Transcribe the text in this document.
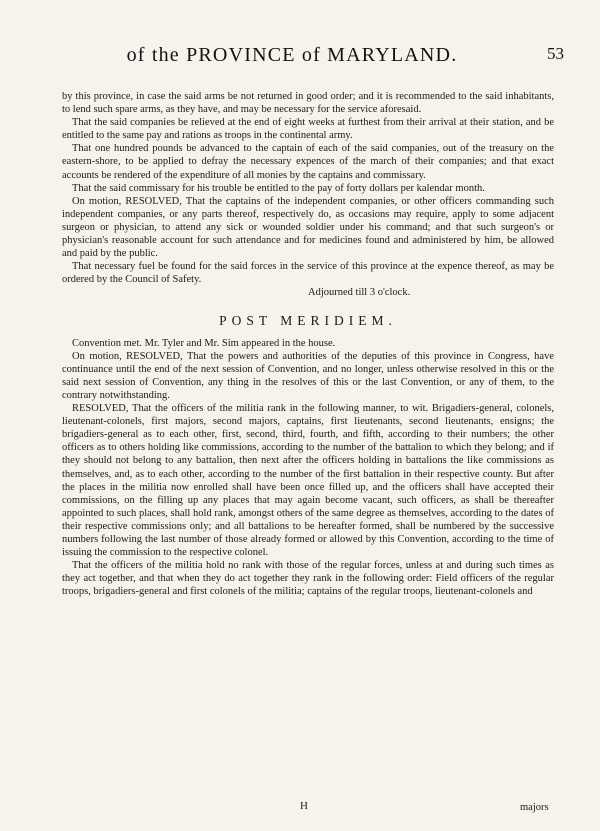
of the PROVINCE of MARYLAND.	53

by this province, in case the said arms be not returned in good order; and it is recommended to the said inhabitants, to lend such spare arms, as they have, and may be necessary for the service aforesaid.

That the said companies be relieved at the end of eight weeks at furthest from their arrival at their station, and be entitled to the same pay and rations as troops in the continental army.

That one hundred pounds be advanced to the captain of each of the said companies, out of the treasury on the eastern-shore, to be applied to defray the necessary expences of the march of their companies; and that exact accounts be rendered of the expenditure of all monies by the captains and commissary.

That the said commissary for his trouble be entitled to the pay of forty dollars per kalendar month.

On motion, RESOLVED, That the captains of the independent companies, or other officers commanding such independent companies, or any parts thereof, respectively do, as occasions may require, apply to some adjacent surgeon or physician, to attend any sick or wounded soldier under his command; and that such surgeon's or physician's reasonable account for such attendance and for medicines found and administered by him, be allowed and paid by the public.

That necessary fuel be found for the said forces in the service of this province at the expence thereof, as may be ordered by the Council of Safety.

Adjourned till 3 o'clock.

POST MERIDIEM.

Convention met. Mr. Tyler and Mr. Sim appeared in the house.

On motion, RESOLVED, That the powers and authorities of the deputies of this province in Congress, have continuance until the end of the next session of Convention, and no longer, unless otherwise resolved in this or the said next session of Convention, any thing in the resolves of this or the last Convention, or any of them, to the contrary notwithstanding.

RESOLVED, That the officers of the militia rank in the following manner, to wit. Brigadiers-general, colonels, lieutenant-colonels, first majors, second majors, captains, first lieutenants, second lieutenants, ensigns; the brigadiers-general as to each other, first, second, third, fourth, and fifth, according to their numbers; the other officers as to others holding like commissions, according to the number of the battalion to which they belong; and if they should not belong to any battalion, then next after the officers holding in battalions the like commissions as themselves, and, as to each other, according to the number of the first battalion in their respective county. But after the places in the militia now enrolled shall have been once filled up, and the officers shall have accepted their commissions, on the filling up any places that may again become vacant, such officers, as shall be thereafter appointed to such places, shall hold rank, amongst others of the same degree as themselves, according to the dates of their respective commissions only; and all battalions to be hereafter formed, shall be numbered by the successive numbers following the last number of those already formed or allowed by this Convention, according to the time of issuing the commission to the respective colonel.

That the officers of the militia hold no rank with those of the regular forces, unless at and during such times as they act together, and that when they do act together they rank in the following order: Field officers of the regular troops, brigadiers-general and first colonels of the militia; captains of the regular troops, lieutenant-colonels and

H	majors
